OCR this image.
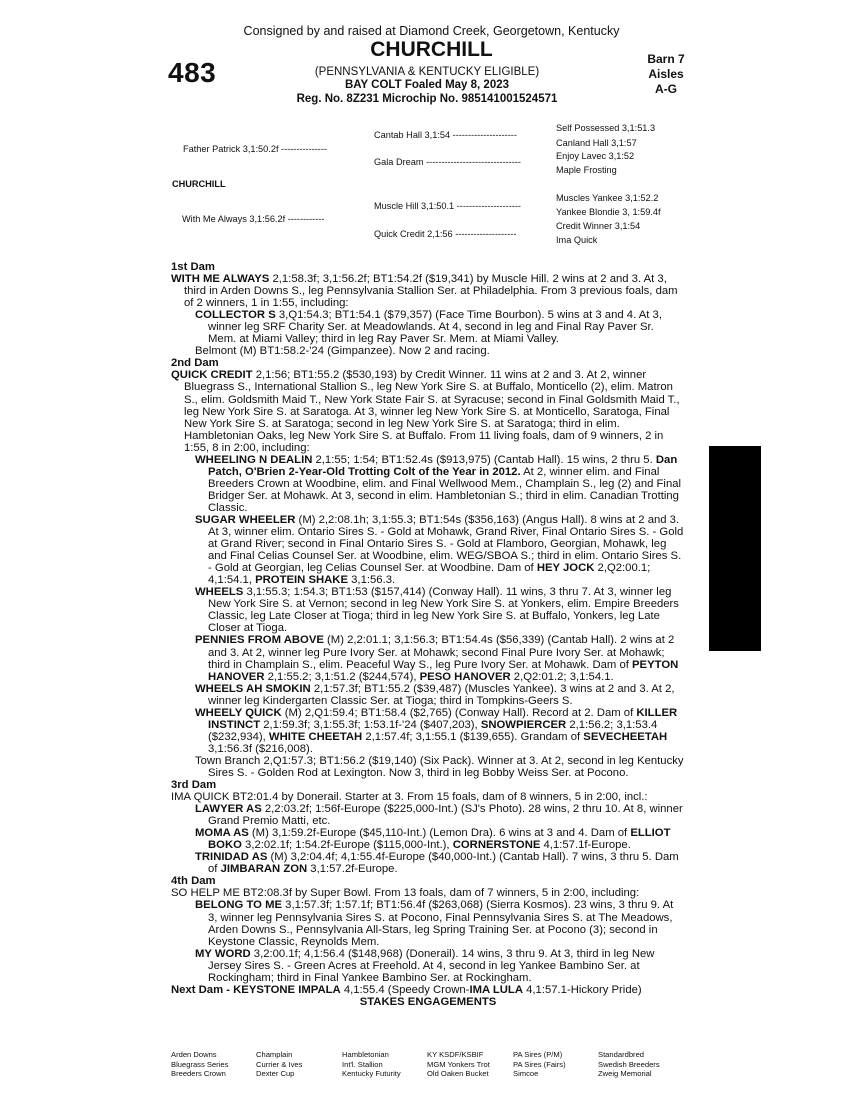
Consigned by and raised at Diamond Creek, Georgetown, Kentucky
483
CHURCHILL
(PENNSYLVANIA & KENTUCKY ELIGIBLE)
BAY COLT Foaled May 8, 2023
Reg. No. 8Z231 Microchip No. 985141001524571
Barn 7
Aisles
A-G
Cantab Hall 3,1:54 ---------------------
Father Patrick 3,1:50.2f ---------------
Gala Dream -------------------------------
CHURCHILL
Muscle Hill 3,1:50.1 ---------------------
With Me Always 3,1:56.2f ------------
Quick Credit 2,1:56 --------------------
Self Possessed 3,1:51.3
Canland Hall 3,1:57
Enjoy Lavec 3,1:52
Maple Frosting
Muscles Yankee 3,1:52.2
Yankee Blondie 3, 1:59.4f
Credit Winner 3,1:54
Ima Quick
1st Dam
WITH ME ALWAYS 2,1:58.3f; 3,1:56.2f; BT1:54.2f ($19,341) by Muscle Hill. 2 wins at 2 and 3. At 3, third in Arden Downs S., leg Pennsylvania Stallion Ser. at Philadelphia. From 3 previous foals, dam of 2 winners, 1 in 1:55, including:
COLLECTOR S 3,Q1:54.3; BT1:54.1 ($79,357) (Face Time Bourbon). 5 wins at 3 and 4. At 3, winner leg SRF Charity Ser. at Meadowlands. At 4, second in leg and Final Ray Paver Sr. Mem. at Miami Valley; third in leg Ray Paver Sr. Mem. at Miami Valley.
Belmont (M) BT1:58.2-'24 (Gimpanzee). Now 2 and racing.
2nd Dam
QUICK CREDIT 2,1:56; BT1:55.2 ($530,193) by Credit Winner. 11 wins at 2 and 3. At 2, winner Bluegrass S., International Stallion S., leg New York Sire S. at Buffalo, Monticello (2), elim. Matron S., elim. Goldsmith Maid T., New York State Fair S. at Syracuse; second in Final Goldsmith Maid T., leg New York Sire S. at Saratoga. At 3, winner leg New York Sire S. at Monticello, Saratoga, Final New York Sire S. at Saratoga; second in leg New York Sire S. at Saratoga; third in elim. Hambletonian Oaks, leg New York Sire S. at Buffalo. From 11 living foals, dam of 9 winners, 2 in 1:55, 8 in 2:00, including:
WHEELING N DEALIN 2,1:55; 1:54; BT1:52.4s ($913,975) (Cantab Hall). 15 wins, 2 thru 5. Dan Patch, O'Brien 2-Year-Old Trotting Colt of the Year in 2012. At 2, winner elim. and Final Breeders Crown at Woodbine, elim. and Final Wellwood Mem., Champlain S., leg (2) and Final Bridger Ser. at Mohawk. At 3, second in elim. Hambletonian S.; third in elim. Canadian Trotting Classic.
SUGAR WHEELER (M) 2,2:08.1h; 3,1:55.3; BT1:54s ($356,163) (Angus Hall). 8 wins at 2 and 3. At 3, winner elim. Ontario Sires S. - Gold at Mohawk, Grand River, Final Ontario Sires S. - Gold at Grand River; second in Final Ontario Sires S. - Gold at Flamboro, Georgian, Mohawk, leg and Final Celias Counsel Ser. at Woodbine, elim. WEG/SBOA S.; third in elim. Ontario Sires S. - Gold at Georgian, leg Celias Counsel Ser. at Woodbine. Dam of HEY JOCK 2,Q2:00.1; 4,1:54.1, PROTEIN SHAKE 3,1:56.3.
WHEELS 3,1:55.3; 1:54.3; BT1:53 ($157,414) (Conway Hall). 11 wins, 3 thru 7. At 3, winner leg New York Sire S. at Vernon; second in leg New York Sire S. at Yonkers, elim. Empire Breeders Classic, leg Late Closer at Tioga; third in leg New York Sire S. at Buffalo, Yonkers, leg Late Closer at Tioga.
PENNIES FROM ABOVE (M) 2,2:01.1; 3,1:56.3; BT1:54.4s ($56,339) (Cantab Hall). 2 wins at 2 and 3. At 2, winner leg Pure Ivory Ser. at Mohawk; second Final Pure Ivory Ser. at Mohawk; third in Champlain S., elim. Peaceful Way S., leg Pure Ivory Ser. at Mohawk. Dam of PEYTON HANOVER 2,1:55.2; 3,1:51.2 ($244,574), PESO HANOVER 2,Q2:01.2; 3,1:54.1.
WHEELS AH SMOKIN 2,1:57.3f; BT1:55.2 ($39,487) (Muscles Yankee). 3 wins at 2 and 3. At 2, winner leg Kindergarten Classic Ser. at Tioga; third in Tompkins-Geers S.
WHEELY QUICK (M) 2,Q1:59.4; BT1:58.4 ($2,765) (Conway Hall). Record at 2. Dam of KILLER INSTINCT 2,1:59.3f; 3,1:55.3f; 1:53.1f-'24 ($407,203), SNOWPIERCER 2,1:56.2; 3,1:53.4 ($232,934), WHITE CHEETAH 2,1:57.4f; 3,1:55.1 ($139,655). Grandam of SEVECHEETAH 3,1:56.3f ($216,008).
Town Branch 2,Q1:57.3; BT1:56.2 ($19,140) (Six Pack). Winner at 3. At 2, second in leg Kentucky Sires S. - Golden Rod at Lexington. Now 3, third in leg Bobby Weiss Ser. at Pocono.
3rd Dam
IMA QUICK BT2:01.4 by Donerail. Starter at 3. From 15 foals, dam of 8 winners, 5 in 2:00, incl.:
LAWYER AS 2,2:03.2f; 1:56f-Europe ($225,000-Int.) (SJ's Photo). 28 wins, 2 thru 10. At 8, winner Grand Premio Matti, etc.
MOMA AS (M) 3,1:59.2f-Europe ($45,110-Int.) (Lemon Dra). 6 wins at 3 and 4. Dam of ELLIOT BOKO 3,2:02.1f; 1:54.2f-Europe ($115,000-Int.), CORNERSTONE 4,1:57.1f-Europe.
TRINIDAD AS (M) 3,2:04.4f; 4,1:55.4f-Europe ($40,000-Int.) (Cantab Hall). 7 wins, 3 thru 5. Dam of JIMBARAN ZON 3,1:57.2f-Europe.
4th Dam
SO HELP ME BT2:08.3f by Super Bowl. From 13 foals, dam of 7 winners, 5 in 2:00, including:
BELONG TO ME 3,1:57.3f; 1:57.1f; BT1:56.4f ($263,068) (Sierra Kosmos). 23 wins, 3 thru 9. At 3, winner leg Pennsylvania Sires S. at Pocono, Final Pennsylvania Sires S. at The Meadows, Arden Downs S., Pennsylvania All-Stars, leg Spring Training Ser. at Pocono (3); second in Keystone Classic, Reynolds Mem.
MY WORD 3,2:00.1f; 4,1:56.4 ($148,968) (Donerail). 14 wins, 3 thru 9. At 3, third in leg New Jersey Sires S. - Green Acres at Freehold. At 4, second in leg Yankee Bambino Ser. at Rockingham; third in Final Yankee Bambino Ser. at Rockingham.
Next Dam - KEYSTONE IMPALA 4,1:55.4 (Speedy Crown-IMA LULA 4,1:57.1-Hickory Pride)
STAKES ENGAGEMENTS
Arden Downs
Bluegrass Series
Breeders Crown
Champlain
Currier & Ives
Dexter Cup
Hambletonian
Int'l. Stallion
Kentucky Futurity
KY KSDF/KSBIF
MGM Yonkers Trot
Old Oaken Bucket
PA Sires (P/M)
PA Sires (Fairs)
Simcoe
Standardbred
Swedish Breeders
Zweig Memorial
